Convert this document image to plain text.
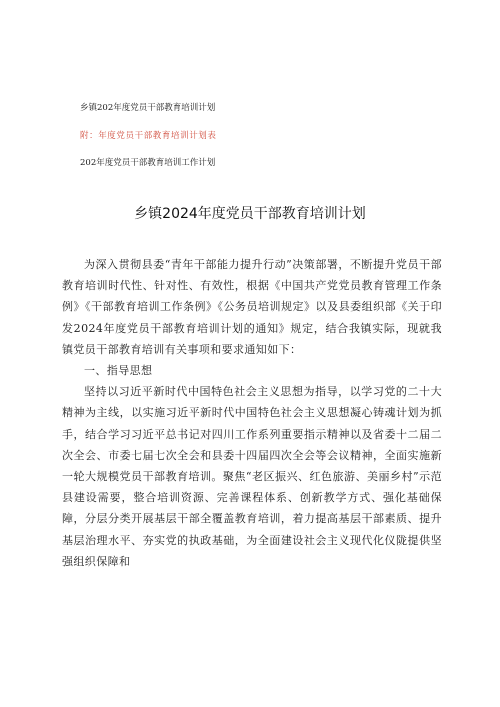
乡镇202年度党员干部教育培训计划
附：年度党员干部教育培训计划表
202年度党员干部教育培训工作计划
乡镇2024年度党员干部教育培训计划

为深入贯彻县委“青年干部能力提升行动”决策部署，不断提升党员干部教育培训时代性、针对性、有效性，根据《中国共产党党员教育管理工作条例》《干部教育培训工作条例》《公务员培训规定》以及县委组织部《关于印发2024年度党员干部教育培训计划的通知》规定，结合我镇实际，现就我镇党员干部教育培训有关事项和要求通知如下：

一、指导思想

坚持以习近平新时代中国特色社会主义思想为指导，以学习党的二十大精神为主线，以实施习近平新时代中国特色社会主义思想凝心铸魂计划为抓手，结合学习习近平总书记对四川工作系列重要指示精神以及省委十二届二次全会、市委七届七次全会和县委十四届四次全会等会议精神，全面实施新一轮大规模党员干部教育培训。聚焦“老区振兴、红色旅游、美丽乡村”示范县建设需要，整合培训资源、完善课程体系、创新教学方式、强化基础保障，分层分类开展基层干部全覆盖教育培训，着力提高基层干部素质、提升基层治理水平、夯实党的执政基础，为全面建设社会主义现代化仪陇提供坚强组织保障和
